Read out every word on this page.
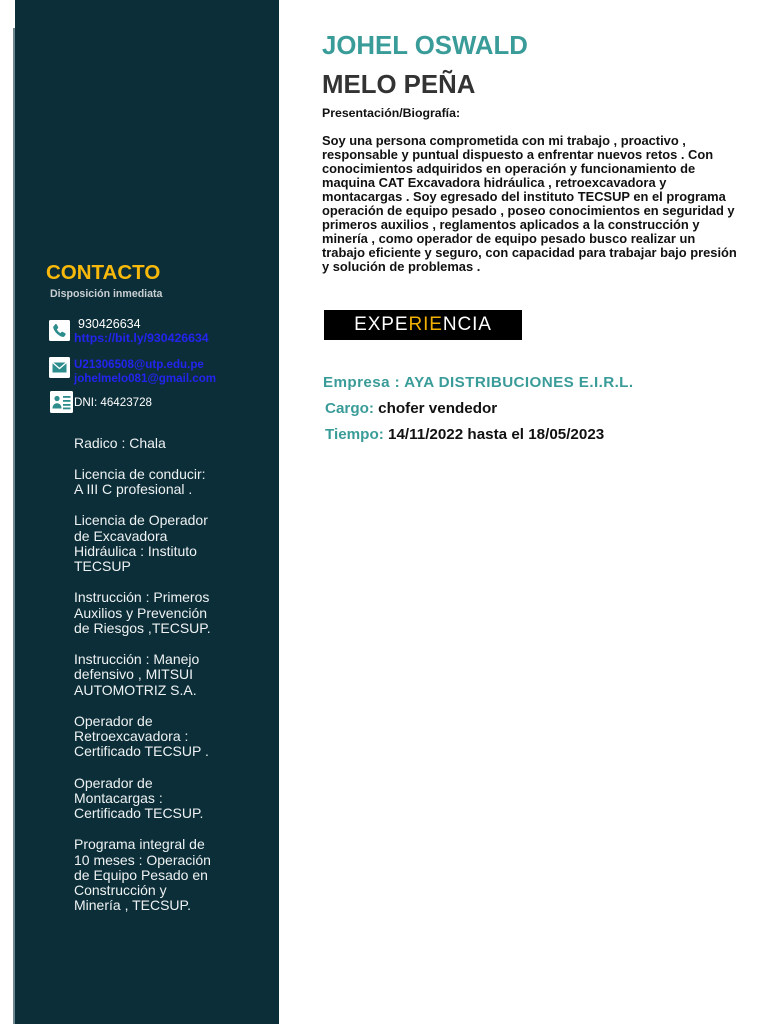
CONTACTO
Disposición inmediata
930426634
https://bit.ly/930426634
U21306508@utp.edu.pe
johelmelo081@gmail.com
DNI: 46423728
Radico : Chala
Licencia de conducir:
A III C profesional .
Licencia de Operador
de Excavadora
Hidráulica : Instituto
TECSUP
Instrucción : Primeros
Auxilios y Prevención
de Riesgos ,TECSUP.
Instrucción : Manejo
defensivo , MITSUI
AUTOMOTRIZ S.A.
Operador de
Retroexcavadora :
Certificado TECSUP .
Operador de
Montacargas :
Certificado TECSUP.
Programa integral de
10 meses : Operación
de Equipo Pesado en
Construcción y
Minería , TECSUP.
JOHEL OSWALD
MELO PEÑA
Presentación/Biografía:
Soy una persona comprometida con mi trabajo , proactivo ,
responsable y puntual dispuesto a enfrentar nuevos retos . Con
conocimientos adquiridos en operación y funcionamiento de
maquina CAT Excavadora hidráulica , retroexcavadora y
montacargas . Soy egresado del instituto TECSUP en el programa
operación de equipo pesado , poseo conocimientos en seguridad y
primeros auxilios , reglamentos aplicados a la construcción y
minería , como operador de equipo pesado busco realizar un
trabajo eficiente y seguro, con capacidad para trabajar bajo presión
y solución de problemas .
EXPERIENCIA
Empresa : AYA DISTRIBUCIONES E.I.R.L.
Cargo: chofer vendedor
Tiempo: 14/11/2022 hasta el 18/05/2023
